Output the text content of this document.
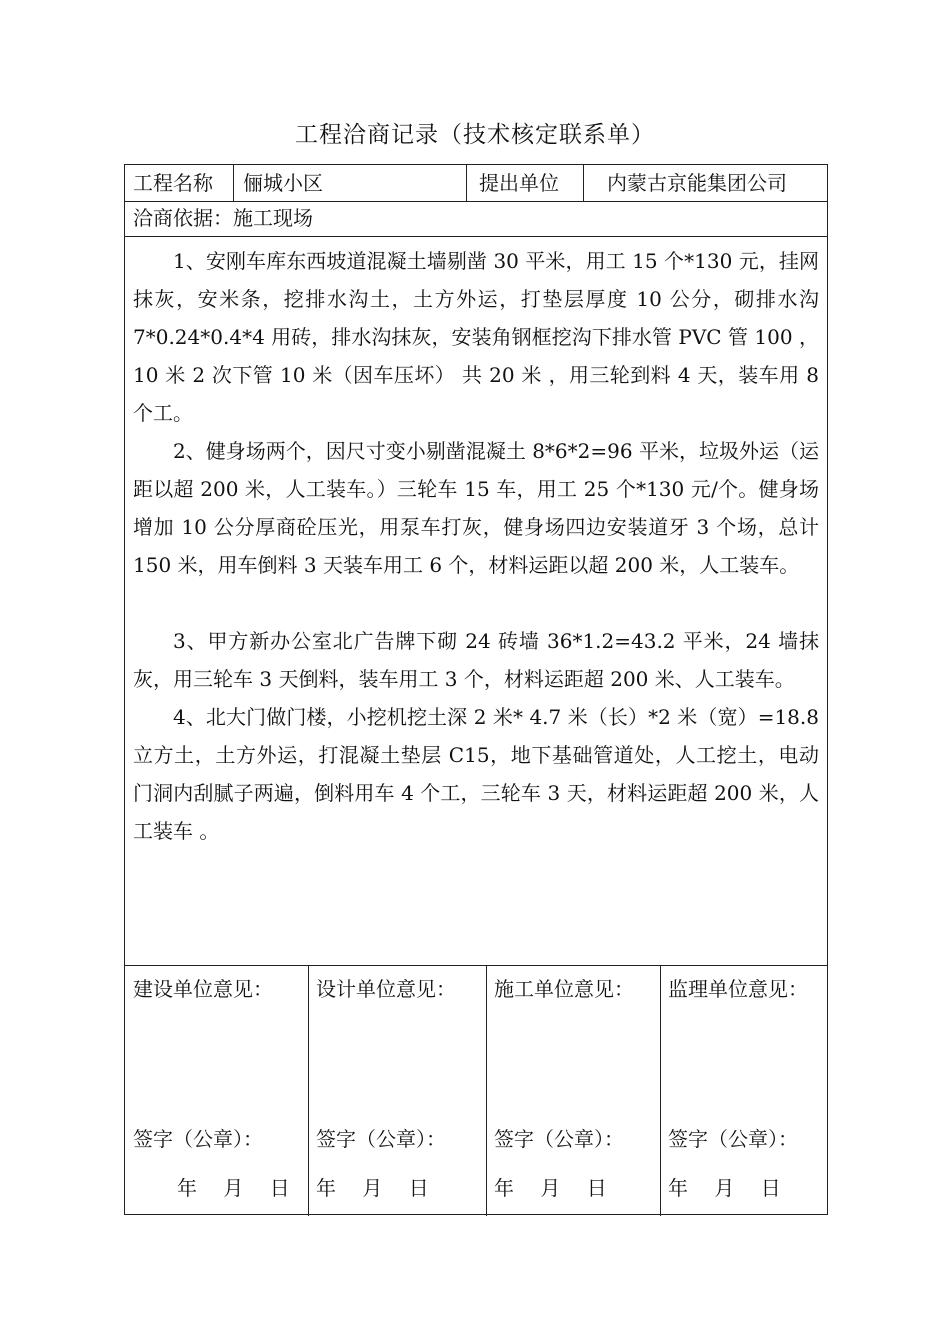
工程洽商记录（技术核定联系单）
工程名称 俪城小区	提出单位 内蒙古京能集团公司
洽商依据：施工现场

1、安刚车库东西坡道混凝土墙剔凿 30 平米，用工 15 个*130 元，挂网抹灰，安米条，挖排水沟土，土方外运，打垫层厚度 10 公分，砌排水沟 7*0.24*0.4*4 用砖，排水沟抹灰，安装角钢框挖沟下排水管 PVC 管 100 ，10 米 2 次下管 10 米（因车压坏） 共 20 米 ，用三轮到料 4 天，装车用 8 个工。

2、健身场两个，因尺寸变小剔凿混凝土 8*6*2=96 平米，垃圾外运（运距以超 200 米，人工装车。）三轮车 15 车，用工 25 个*130 元/个。健身场增加 10 公分厚商砼压光，用泵车打灰，健身场四边安装道牙 3 个场，总计 150 米，用车倒料 3 天装车用工 6 个，材料运距以超 200 米，人工装车。

3、甲方新办公室北广告牌下砌 24 砖墙 36*1.2=43.2 平米，24 墙抹灰，用三轮车 3 天倒料，装车用工 3 个，材料运距超 200 米、人工装车。

4、北大门做门楼，小挖机挖土深 2 米* 4.7 米（长）*2 米（宽）=18.8 立方土，土方外运，打混凝土垫层 C15，地下基础管道处，人工挖土，电动门洞内刮腻子两遍，倒料用车 4 个工，三轮车 3 天，材料运距超 200 米，人工装车 。

建设单位意见：
签字（公章）：
年　 月　 日
设计单位意见：
签字（公章）：
年　 月　 日
施工单位意见：
签字（公章）：
年　 月　 日
监理单位意见：
签字（公章）：
年　 月　 日
